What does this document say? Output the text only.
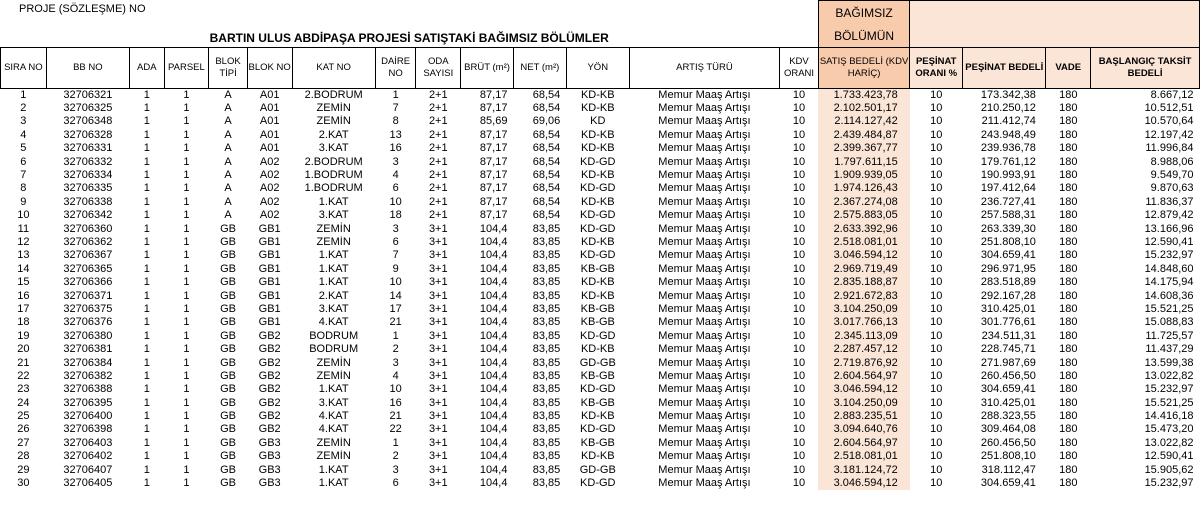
PROJE (SÖZLEŞME) NO														BAĞIMSIZ				
BARTIN ULUS ABDİPAŞA PROJESİ SATIŞTAKİ BAĞIMSIZ BÖLÜMLER														BÖLÜMÜN				
SIRA NO	BB NO	ADA	PARSEL	BLOK TİPİ	BLOK NO	KAT NO	DAİRE NO	ODA SAYISI	BRÜT (m²)	NET (m²)	YÖN	ARTIŞ TÜRÜ	KDV ORANI	SATIŞ BEDELİ (KDV HARİÇ)	PEŞİNAT ORANI %	PEŞİNAT BEDELİ	VADE	BAŞLANGIÇ TAKSİT BEDELİ
1	32706321	1	1	A	A01	2.BODRUM	1	2+1	87,17	68,54	KD-KB	Memur Maaş Artışı	10	1.733.423,78	10	173.342,38	180	8.667,12
2	32706325	1	1	A	A01	ZEMİN	7	2+1	87,17	68,54	KD-KB	Memur Maaş Artışı	10	2.102.501,17	10	210.250,12	180	10.512,51
3	32706348	1	1	A	A01	ZEMİN	8	2+1	85,69	69,06	KD	Memur Maaş Artışı	10	2.114.127,42	10	211.412,74	180	10.570,64
4	32706328	1	1	A	A01	2.KAT	13	2+1	87,17	68,54	KD-KB	Memur Maaş Artışı	10	2.439.484,87	10	243.948,49	180	12.197,42
5	32706331	1	1	A	A01	3.KAT	16	2+1	87,17	68,54	KD-KB	Memur Maaş Artışı	10	2.399.367,77	10	239.936,78	180	11.996,84
6	32706332	1	1	A	A02	2.BODRUM	3	2+1	87,17	68,54	KD-GD	Memur Maaş Artışı	10	1.797.611,15	10	179.761,12	180	8.988,06
7	32706334	1	1	A	A02	1.BODRUM	4	2+1	87,17	68,54	KD-KB	Memur Maaş Artışı	10	1.909.939,05	10	190.993,91	180	9.549,70
8	32706335	1	1	A	A02	1.BODRUM	6	2+1	87,17	68,54	KD-GD	Memur Maaş Artışı	10	1.974.126,43	10	197.412,64	180	9.870,63
9	32706338	1	1	A	A02	1.KAT	10	2+1	87,17	68,54	KD-KB	Memur Maaş Artışı	10	2.367.274,08	10	236.727,41	180	11.836,37
10	32706342	1	1	A	A02	3.KAT	18	2+1	87,17	68,54	KD-GD	Memur Maaş Artışı	10	2.575.883,05	10	257.588,31	180	12.879,42
11	32706360	1	1	GB	GB1	ZEMİN	3	3+1	104,4	83,85	KD-GD	Memur Maaş Artışı	10	2.633.392,96	10	263.339,30	180	13.166,96
12	32706362	1	1	GB	GB1	ZEMİN	6	3+1	104,4	83,85	KD-KB	Memur Maaş Artışı	10	2.518.081,01	10	251.808,10	180	12.590,41
13	32706367	1	1	GB	GB1	1.KAT	7	3+1	104,4	83,85	KD-GD	Memur Maaş Artışı	10	3.046.594,12	10	304.659,41	180	15.232,97
14	32706365	1	1	GB	GB1	1.KAT	9	3+1	104,4	83,85	KB-GB	Memur Maaş Artışı	10	2.969.719,49	10	296.971,95	180	14.848,60
15	32706366	1	1	GB	GB1	1.KAT	10	3+1	104,4	83,85	KD-KB	Memur Maaş Artışı	10	2.835.188,87	10	283.518,89	180	14.175,94
16	32706371	1	1	GB	GB1	2.KAT	14	3+1	104,4	83,85	KD-KB	Memur Maaş Artışı	10	2.921.672,83	10	292.167,28	180	14.608,36
17	32706375	1	1	GB	GB1	3.KAT	17	3+1	104,4	83,85	KB-GB	Memur Maaş Artışı	10	3.104.250,09	10	310.425,01	180	15.521,25
18	32706376	1	1	GB	GB1	4.KAT	21	3+1	104,4	83,85	KB-GB	Memur Maaş Artışı	10	3.017.766,13	10	301.776,61	180	15.088,83
19	32706380	1	1	GB	GB2	BODRUM	1	3+1	104,4	83,85	KD-GD	Memur Maaş Artışı	10	2.345.113,09	10	234.511,31	180	11.725,57
20	32706381	1	1	GB	GB2	BODRUM	2	3+1	104,4	83,85	KD-KB	Memur Maaş Artışı	10	2.287.457,12	10	228.745,71	180	11.437,29
21	32706384	1	1	GB	GB2	ZEMİN	3	3+1	104,4	83,85	GD-GB	Memur Maaş Artışı	10	2.719.876,92	10	271.987,69	180	13.599,38
22	32706382	1	1	GB	GB2	ZEMİN	4	3+1	104,4	83,85	KB-GB	Memur Maaş Artışı	10	2.604.564,97	10	260.456,50	180	13.022,82
23	32706388	1	1	GB	GB2	1.KAT	10	3+1	104,4	83,85	KD-GD	Memur Maaş Artışı	10	3.046.594,12	10	304.659,41	180	15.232,97
24	32706395	1	1	GB	GB2	3.KAT	16	3+1	104,4	83,85	KB-GB	Memur Maaş Artışı	10	3.104.250,09	10	310.425,01	180	15.521,25
25	32706400	1	1	GB	GB2	4.KAT	21	3+1	104,4	83,85	KD-KB	Memur Maaş Artışı	10	2.883.235,51	10	288.323,55	180	14.416,18
26	32706398	1	1	GB	GB2	4.KAT	22	3+1	104,4	83,85	KD-GD	Memur Maaş Artışı	10	3.094.640,76	10	309.464,08	180	15.473,20
27	32706403	1	1	GB	GB3	ZEMİN	1	3+1	104,4	83,85	KB-GB	Memur Maaş Artışı	10	2.604.564,97	10	260.456,50	180	13.022,82
28	32706402	1	1	GB	GB3	ZEMİN	2	3+1	104,4	83,85	KD-KB	Memur Maaş Artışı	10	2.518.081,01	10	251.808,10	180	12.590,41
29	32706407	1	1	GB	GB3	1.KAT	3	3+1	104,4	83,85	GD-GB	Memur Maaş Artışı	10	3.181.124,72	10	318.112,47	180	15.905,62
30	32706405	1	1	GB	GB3	1.KAT	6	3+1	104,4	83,85	KD-GD	Memur Maaş Artışı	10	3.046.594,12	10	304.659,41	180	15.232,97
